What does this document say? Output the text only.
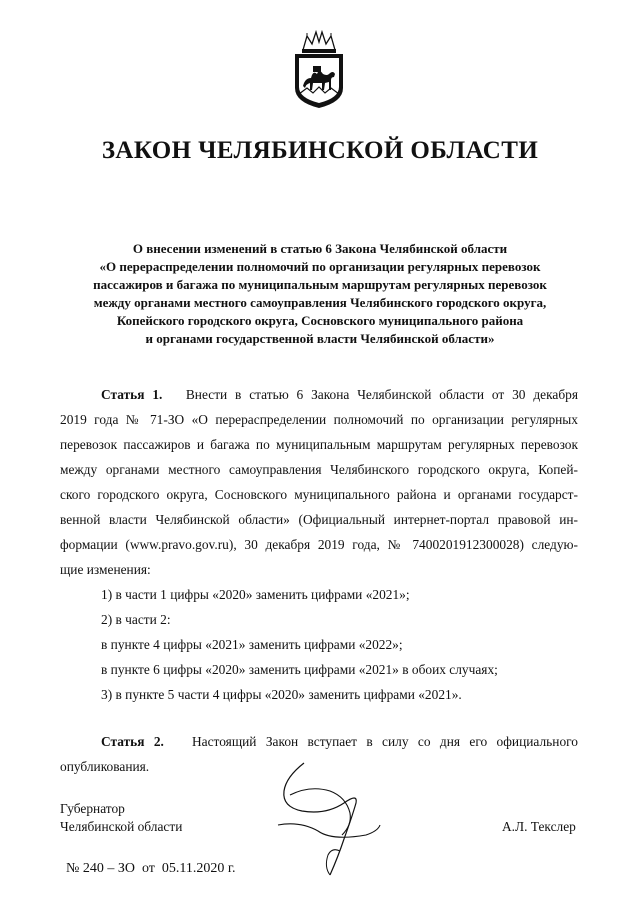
ЗАКОН ЧЕЛЯБИНСКОЙ ОБЛАСТИ
О внесении изменений в статью 6 Закона Челябинской области
«О перераспределении полномочий по организации регулярных перевозок
пассажиров и багажа по муниципальным маршрутам регулярных перевозок
между органами местного самоуправления Челябинского городского округа,
Копейского городского округа, Сосновского муниципального района
и органами государственной власти Челябинской области»
Статья 1. Внести в статью 6 Закона Челябинской области от 30 декабря
2019 года № 71-ЗО «О перераспределении полномочий по организации регулярных
перевозок пассажиров и багажа по муниципальным маршрутам регулярных перевозок
между органами местного самоуправления Челябинского городского округа, Копей-
ского городского округа, Сосновского муниципального района и органами государст-
венной власти Челябинской области» (Официальный интернет-портал правовой ин-
формации (www.pravo.gov.ru), 30 декабря 2019 года, № 7400201912300028) следую-
щие изменения:
1) в части 1 цифры «2020» заменить цифрами «2021»;
2) в части 2:
в пункте 4 цифры «2021» заменить цифрами «2022»;
в пункте 6 цифры «2020» заменить цифрами «2021» в обоих случаях;
3) в пункте 5 части 4 цифры «2020» заменить цифрами «2021».
Статья 2. Настоящий Закон вступает в силу со дня его официального
опубликования.
Губернатор
Челябинской области	А.Л. Текслер
№ 240 – ЗО  от  05.11.2020 г.
